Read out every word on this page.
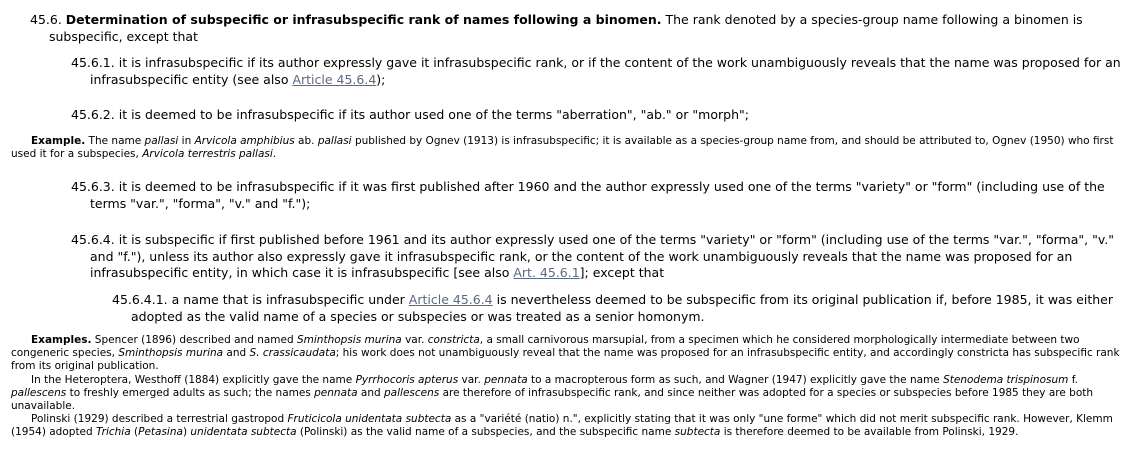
45.6. Determination of subspecific or infrasubspecific rank of names following a binomen. The rank denoted by a species-group name following a binomen is subspecific, except that

45.6.1. it is infrasubspecific if its author expressly gave it infrasubspecific rank, or if the content of the work unambiguously reveals that the name was proposed for an infrasubspecific entity (see also Article 45.6.4);

45.6.2. it is deemed to be infrasubspecific if its author used one of the terms "aberration", "ab." or "morph";

Example. The name pallasi in Arvicola amphibius ab. pallasi published by Ognev (1913) is infrasubspecific; it is available as a species-group name from, and should be attributed to, Ognev (1950) who first used it for a subspecies, Arvicola terrestris pallasi.

45.6.3. it is deemed to be infrasubspecific if it was first published after 1960 and the author expressly used one of the terms "variety" or "form" (including use of the terms "var.", "forma", "v." and "f.");

45.6.4. it is subspecific if first published before 1961 and its author expressly used one of the terms "variety" or "form" (including use of the terms "var.", "forma", "v." and "f."), unless its author also expressly gave it infrasubspecific rank, or the content of the work unambiguously reveals that the name was proposed for an infrasubspecific entity, in which case it is infrasubspecific [see also Art. 45.6.1]; except that

45.6.4.1. a name that is infrasubspecific under Article 45.6.4 is nevertheless deemed to be subspecific from its original publication if, before 1985, it was either adopted as the valid name of a species or subspecies or was treated as a senior homonym.

Examples. Spencer (1896) described and named Sminthopsis murina var. constricta, a small carnivorous marsupial, from a specimen which he considered morphologically intermediate between two congeneric species, Sminthopsis murina and S. crassicaudata; his work does not unambiguously reveal that the name was proposed for an infrasubspecific entity, and accordingly constricta has subspecific rank from its original publication.

In the Heteroptera, Westhoff (1884) explicitly gave the name Pyrrhocoris apterus var. pennata to a macropterous form as such, and Wagner (1947) explicitly gave the name Stenodema trispinosum f. pallescens to freshly emerged adults as such; the names pennata and pallescens are therefore of infrasubspecific rank, and since neither was adopted for a species or subspecies before 1985 they are both unavailable.

Polinski (1929) described a terrestrial gastropod Fruticicola unidentata subtecta as a "variété (natio) n.", explicitly stating that it was only "une forme" which did not merit subspecific rank. However, Klemm (1954) adopted Trichia (Petasina) unidentata subtecta (Polinski) as the valid name of a subspecies, and the subspecific name subtecta is therefore deemed to be available from Polinski, 1929.
